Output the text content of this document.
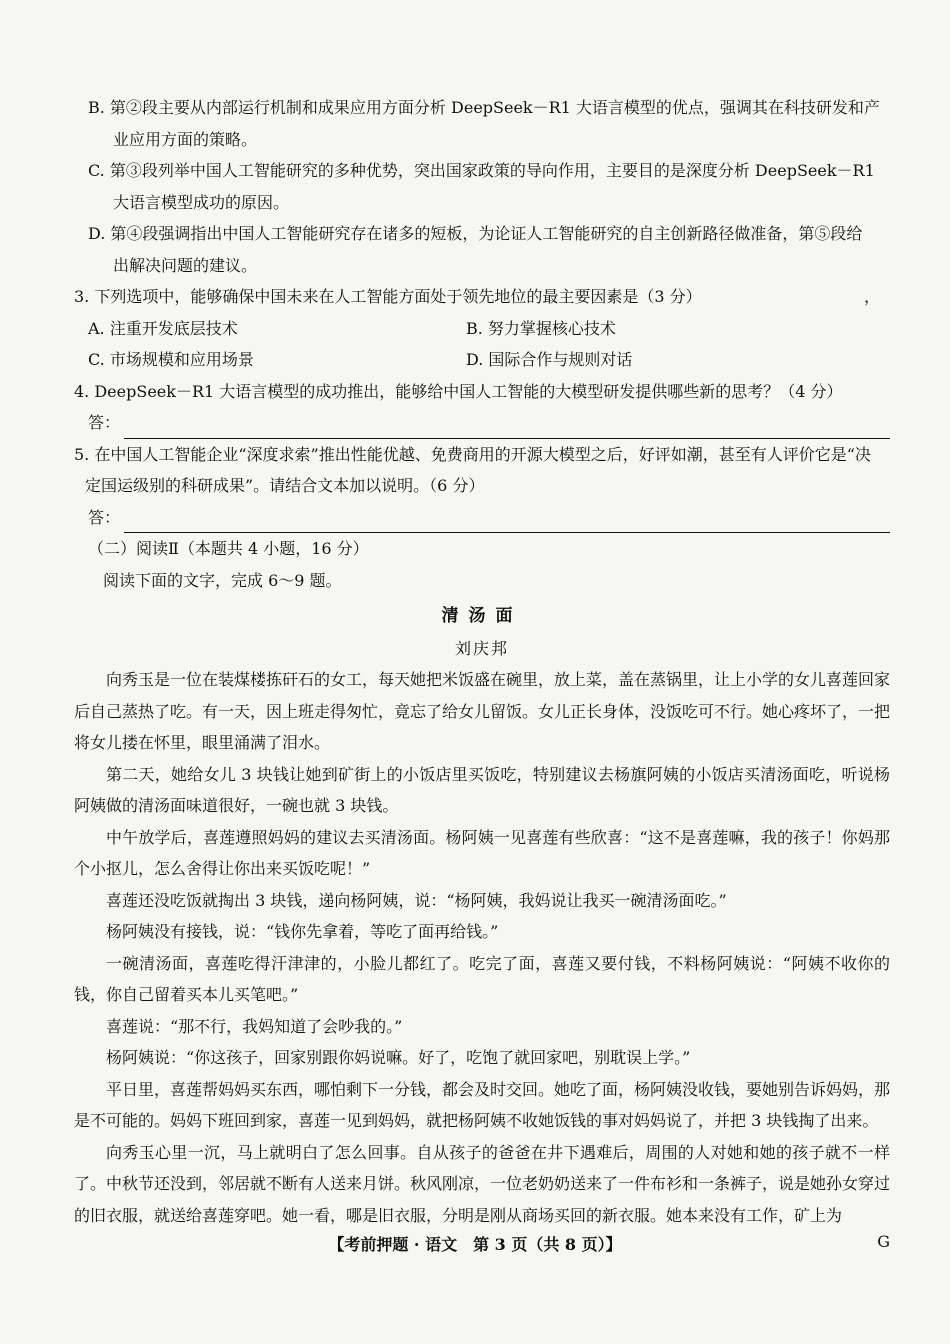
B. 第②段主要从内部运行机制和成果应用方面分析 DeepSeek－R1 大语言模型的优点，强调其在科技研发和产
业应用方面的策略。
C. 第③段列举中国人工智能研究的多种优势，突出国家政策的导向作用，主要目的是深度分析 DeepSeek－R1
大语言模型成功的原因。
D. 第④段强调指出中国人工智能研究存在诸多的短板，为论证人工智能研究的自主创新路径做准备，第⑤段给
出解决问题的建议。
3. 下列选项中，能够确保中国未来在人工智能方面处于领先地位的最主要因素是（3 分）	，
A. 注重开发底层技术	B. 努力掌握核心技术
C. 市场规模和应用场景	D. 国际合作与规则对话
4. DeepSeek－R1 大语言模型的成功推出，能够给中国人工智能的大模型研发提供哪些新的思考？（4 分）
答：
5. 在中国人工智能企业“深度求索”推出性能优越、免费商用的开源大模型之后，好评如潮，甚至有人评价它是“决
定国运级别的科研成果”。请结合文本加以说明。（6 分）
答：
（二）阅读Ⅱ（本题共 4 小题，16 分）
阅读下面的文字，完成 6～9 题。
清汤面
刘庆邦

向秀玉是一位在装煤楼拣矸石的女工，每天她把米饭盛在碗里，放上菜，盖在蒸锅里，让上小学的女儿喜莲回家后自己蒸热了吃。有一天，因上班走得匆忙，竟忘了给女儿留饭。女儿正长身体，没饭吃可不行。她心疼坏了，一把将女儿搂在怀里，眼里涌满了泪水。

第二天，她给女儿 3 块钱让她到矿街上的小饭店里买饭吃，特别建议去杨旗阿姨的小饭店买清汤面吃，听说杨阿姨做的清汤面味道很好，一碗也就 3 块钱。

中午放学后，喜莲遵照妈妈的建议去买清汤面。杨阿姨一见喜莲有些欣喜：“这不是喜莲嘛，我的孩子！你妈那个小抠儿，怎么舍得让你出来买饭吃呢！”

喜莲还没吃饭就掏出 3 块钱，递向杨阿姨，说：“杨阿姨，我妈说让我买一碗清汤面吃。”

杨阿姨没有接钱，说：“钱你先拿着，等吃了面再给钱。”

一碗清汤面，喜莲吃得汗津津的，小脸儿都红了。吃完了面，喜莲又要付钱，不料杨阿姨说：“阿姨不收你的钱，你自己留着买本儿买笔吧。”

喜莲说：“那不行，我妈知道了会吵我的。”

杨阿姨说：“你这孩子，回家别跟你妈说嘛。好了，吃饱了就回家吧，别耽误上学。”

平日里，喜莲帮妈妈买东西，哪怕剩下一分钱，都会及时交回。她吃了面，杨阿姨没收钱，要她别告诉妈妈，那是不可能的。妈妈下班回到家，喜莲一见到妈妈，就把杨阿姨不收她饭钱的事对妈妈说了，并把 3 块钱掏了出来。

向秀玉心里一沉，马上就明白了怎么回事。自从孩子的爸爸在井下遇难后，周围的人对她和她的孩子就不一样了。中秋节还没到，邻居就不断有人送来月饼。秋风刚凉，一位老奶奶送来了一件布衫和一条裤子，说是她孙女穿过的旧衣服，就送给喜莲穿吧。她一看，哪是旧衣服，分明是刚从商场买回的新衣服。她本来没有工作，矿上为

【考前押题 · 语文　第 3 页（共 8 页）】	G
